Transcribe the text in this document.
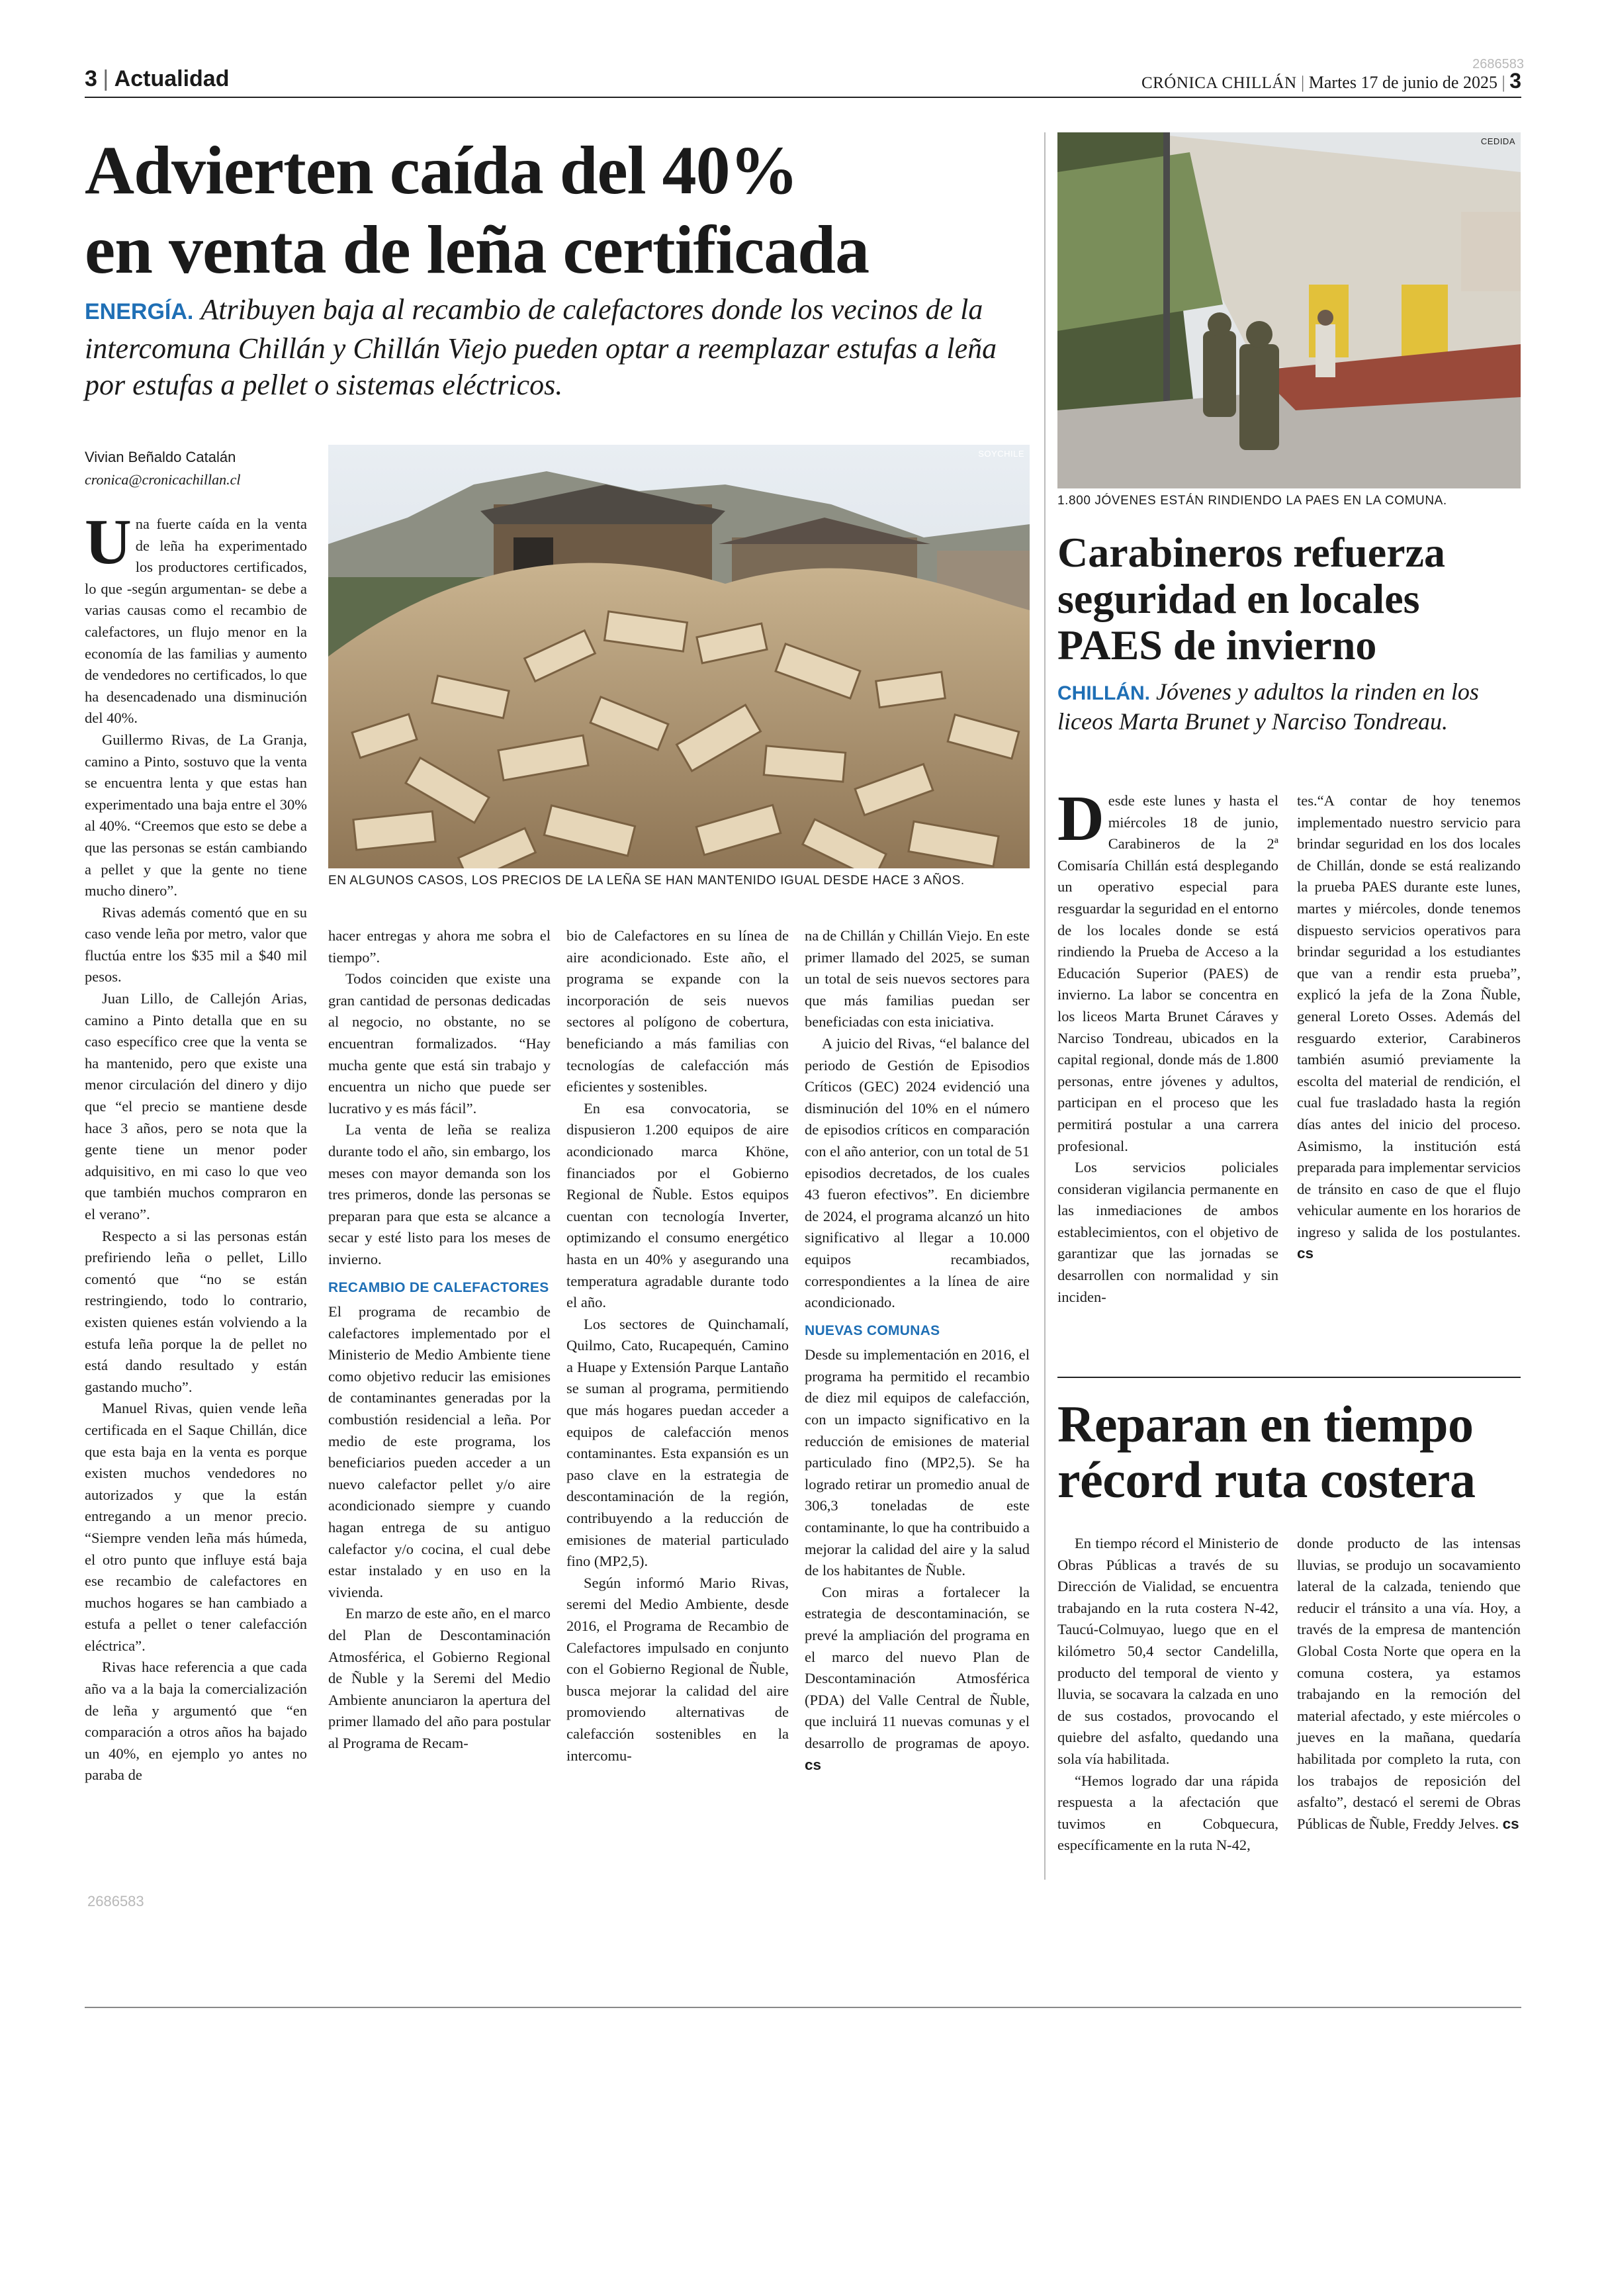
3 | Actualidad	CRÓNICA CHILLÁN | Martes 17 de junio de 2025 | 3
2686583
Advierten caída del 40%
en venta de leña certificada
ENERGÍA. Atribuyen baja al recambio de calefactores donde los vecinos de la intercomuna Chillán y Chillán Viejo pueden optar a reemplazar estufas a leña por estufas a pellet o sistemas eléctricos.
Vivian Beñaldo Catalán
cronica@cronicachillan.cl
SOYCHILE
EN ALGUNOS CASOS, LOS PRECIOS DE LA LEÑA SE HAN MANTENIDO IGUAL DESDE HACE 3 AÑOS.

Una fuerte caída en la venta de leña ha experimentado los productores certificados, lo que -según argumentan- se debe a varias causas como el recambio de calefactores, un flujo menor en la economía de las familias y aumento de vendedores no certificados, lo que ha desencadenado una disminución del 40%.

Guillermo Rivas, de La Granja, camino a Pinto, sostuvo que la venta se encuentra lenta y que estas han experimentado una baja entre el 30% al 40%. “Creemos que esto se debe a que las personas se están cambiando a pellet y que la gente no tiene mucho dinero”.

Rivas además comentó que en su caso vende leña por metro, valor que fluctúa entre los $35 mil a $40 mil pesos.

Juan Lillo, de Callejón Arias, camino a Pinto detalla que en su caso específico cree que la venta se ha mantenido, pero que existe una menor circulación del dinero y dijo que “el precio se mantiene desde hace 3 años, pero se nota que la gente tiene un menor poder adquisitivo, en mi caso lo que veo que también muchos compraron en el verano”.

Respecto a si las personas están prefiriendo leña o pellet, Lillo comentó que “no se están restringiendo, todo lo contrario, existen quienes están volviendo a la estufa leña porque la de pellet no está dando resultado y están gastando mucho”.

Manuel Rivas, quien vende leña certificada en el Saque Chillán, dice que esta baja en la venta es porque existen muchos vendedores no autorizados y que la están entregando a un menor precio. “Siempre venden leña más húmeda, el otro punto que influye está baja ese recambio de calefactores en muchos hogares se han cambiado a estufa a pellet o tener calefacción eléctrica”.

Rivas hace referencia a que cada año va a la baja la comercialización de leña y argumentó que “en comparación a otros años ha bajado un 40%, en ejemplo yo antes no paraba de

hacer entregas y ahora me sobra el tiempo”.

Todos coinciden que existe una gran cantidad de personas dedicadas al negocio, no obstante, no se encuentran formalizados. “Hay mucha gente que está sin trabajo y encuentra un nicho que puede ser lucrativo y es más fácil”.

La venta de leña se realiza durante todo el año, sin embargo, los meses con mayor demanda son los tres primeros, donde las personas se preparan para que esta se alcance a secar y esté listo para los meses de invierno.

RECAMBIO DE CALEFACTORES

El programa de recambio de calefactores implementado por el Ministerio de Medio Ambiente tiene como objetivo reducir las emisiones de contaminantes generadas por la combustión residencial a leña. Por medio de este programa, los beneficiarios pueden acceder a un nuevo calefactor pellet y/o aire acondicionado siempre y cuando hagan entrega de su antiguo calefactor y/o cocina, el cual debe estar instalado y en uso en la vivienda.

En marzo de este año, en el marco del Plan de Descontaminación Atmosférica, el Gobierno Regional de Ñuble y la Seremi del Medio Ambiente anunciaron la apertura del primer llamado del año para postular al Programa de Recam-

bio de Calefactores en su línea de aire acondicionado. Este año, el programa se expande con la incorporación de seis nuevos sectores al polígono de cobertura, beneficiando a más familias con tecnologías de calefacción más eficientes y sostenibles.

En esa convocatoria, se dispusieron 1.200 equipos de aire acondicionado marca Khöne, financiados por el Gobierno Regional de Ñuble. Estos equipos cuentan con tecnología Inverter, optimizando el consumo energético hasta en un 40% y asegurando una temperatura agradable durante todo el año.

Los sectores de Quinchamalí, Quilmo, Cato, Rucapequén, Camino a Huape y Extensión Parque Lantaño se suman al programa, permitiendo que más hogares puedan acceder a equipos de calefacción menos contaminantes. Esta expansión es un paso clave en la estrategia de descontaminación de la región, contribuyendo a la reducción de emisiones de material particulado fino (MP2,5).

Según informó Mario Rivas, seremi del Medio Ambiente, desde 2016, el Programa de Recambio de Calefactores impulsado en conjunto con el Gobierno Regional de Ñuble, busca mejorar la calidad del aire promoviendo alternativas de calefacción sostenibles en la intercomu-

na de Chillán y Chillán Viejo. En este primer llamado del 2025, se suman un total de seis nuevos sectores para que más familias puedan ser beneficiadas con esta iniciativa.

A juicio del Rivas, “el balance del periodo de Gestión de Episodios Críticos (GEC) 2024 evidenció una disminución del 10% en el número de episodios críticos en comparación con el año anterior, con un total de 51 episodios decretados, de los cuales 43 fueron efectivos”. En diciembre de 2024, el programa alcanzó un hito significativo al llegar a 10.000 equipos recambiados, correspondientes a la línea de aire acondicionado.

NUEVAS COMUNAS

Desde su implementación en 2016, el programa ha permitido el recambio de diez mil equipos de calefacción, con un impacto significativo en la reducción de emisiones de material particulado fino (MP2,5). Se ha logrado retirar un promedio anual de 306,3 toneladas de este contaminante, lo que ha contribuido a mejorar la calidad del aire y la salud de los habitantes de Ñuble.

Con miras a fortalecer la estrategia de descontaminación, se prevé la ampliación del programa en el marco del nuevo Plan de Descontaminación Atmosférica (PDA) del Valle Central de Ñuble, que incluirá 11 nuevas comunas y el desarrollo de programas de apoyo. cs

2686583
CEDIDA
1.800 JÓVENES ESTÁN RINDIENDO LA PAES EN LA COMUNA.
Carabineros refuerza
seguridad en locales
PAES de invierno
CHILLÁN. Jóvenes y adultos la rinden en los liceos Marta Brunet y Narciso Tondreau.

Desde este lunes y hasta el miércoles 18 de junio, Carabineros de la 2ª Comisaría Chillán está desplegando un operativo especial para resguardar la seguridad en el entorno de los locales donde se está rindiendo la Prueba de Acceso a la Educación Superior (PAES) de invierno. La labor se concentra en los liceos Marta Brunet Cáraves y Narciso Tondreau, ubicados en la capital regional, donde más de 1.800 personas, entre jóvenes y adultos, participan en el proceso que les permitirá postular a una carrera profesional.

Los servicios policiales consideran vigilancia permanente en las inmediaciones de ambos establecimientos, con el objetivo de garantizar que las jornadas se desarrollen con normalidad y sin inciden-

tes.“A contar de hoy tenemos implementado nuestro servicio para brindar seguridad en los dos locales de Chillán, donde se está realizando la prueba PAES durante este lunes, martes y miércoles, donde tenemos dispuesto servicios operativos para brindar seguridad a los estudiantes que van a rendir esta prueba”, explicó la jefa de la Zona Ñuble, general Loreto Osses. Además del resguardo exterior, Carabineros también asumió previamente la escolta del material de rendición, el cual fue trasladado hasta la región días antes del inicio del proceso. Asimismo, la institución está preparada para implementar servicios de tránsito en caso de que el flujo vehicular aumente en los horarios de ingreso y salida de los postulantes. cs

Reparan en tiempo
récord ruta costera

En tiempo récord el Ministerio de Obras Públicas a través de su Dirección de Vialidad, se encuentra trabajando en la ruta costera N-42, Taucú-Colmuyao, luego que en el kilómetro 50,4 sector Candelilla, producto del temporal de viento y lluvia, se socavara la calzada en uno de sus costados, provocando el quiebre del asfalto, quedando una sola vía habilitada.

“Hemos logrado dar una rápida respuesta a la afectación que tuvimos en Cobquecura, específicamente en la ruta N-42,

donde producto de las intensas lluvias, se produjo un socavamiento lateral de la calzada, teniendo que reducir el tránsito a una vía. Hoy, a través de la empresa de mantención Global Costa Norte que opera en la comuna costera, ya estamos trabajando en la remoción del material afectado, y este miércoles o jueves en la mañana, quedaría habilitada por completo la ruta, con los trabajos de reposición del asfalto”, destacó el seremi de Obras Públicas de Ñuble, Freddy Jelves. cs
